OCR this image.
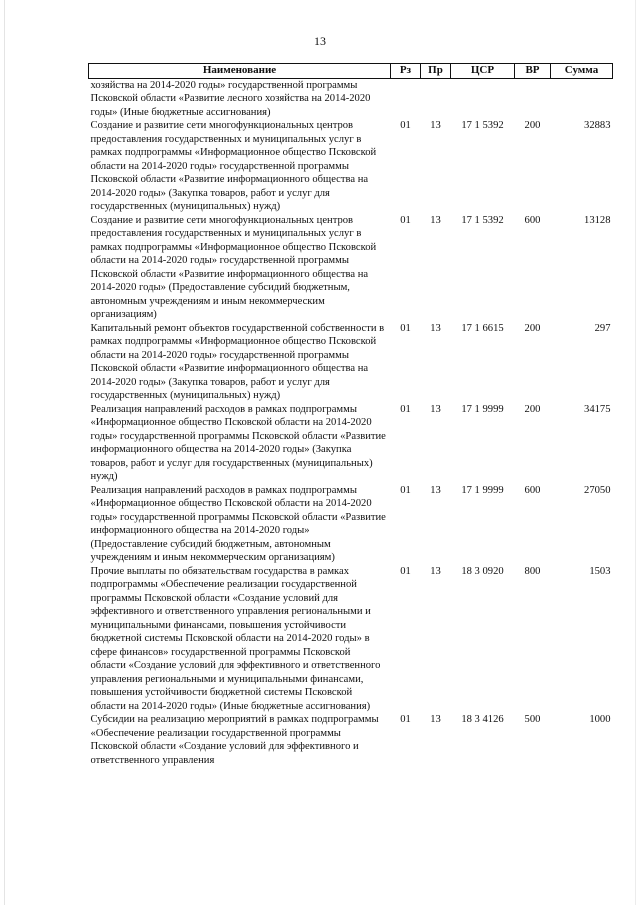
13
Наименование	Рз	Пр	ЦСР	ВР	Сумма
хозяйства на 2014-2020 годы» государственной программы Псковской области «Развитие лесного хозяйства на 2014-2020 годы» (Иные бюджетные ассигнования)					
Создание и развитие сети многофункциональных центров предоставления государственных и муниципальных услуг в рамках подпрограммы «Информационное общество Псковской области на 2014-2020 годы» государственной программы Псковской области «Развитие информационного общества на 2014-2020 годы» (Закупка товаров, работ и услуг для государственных (муниципальных) нужд)	01	13	17 1 5392	200	32883
Создание и развитие сети многофункциональных центров предоставления государственных и муниципальных услуг в рамках подпрограммы «Информационное общество Псковской области на 2014-2020 годы» государственной программы Псковской области «Развитие информационного общества на 2014-2020 годы» (Предоставление субсидий бюджетным, автономным учреждениям и иным некоммерческим организациям)	01	13	17 1 5392	600	13128
Капитальный ремонт объектов государственной собственности в рамках подпрограммы «Информационное общество Псковской области на 2014-2020 годы» государственной программы Псковской области «Развитие информационного общества на 2014-2020 годы» (Закупка товаров, работ и услуг для государственных (муниципальных) нужд)	01	13	17 1 6615	200	297
Реализация направлений расходов в рамках подпрограммы «Информационное общество Псковской области на 2014-2020 годы» государственной программы Псковской области «Развитие информационного общества на 2014-2020 годы» (Закупка товаров, работ и услуг для государственных (муниципальных) нужд)	01	13	17 1 9999	200	34175
Реализация направлений расходов в рамках подпрограммы «Информационное общество Псковской области на 2014-2020 годы» государственной программы Псковской области «Развитие информационного общества на 2014-2020 годы» (Предоставление субсидий бюджетным, автономным учреждениям и иным некоммерческим организациям)	01	13	17 1 9999	600	27050
Прочие выплаты по обязательствам государства в рамках подпрограммы «Обеспечение реализации государственной программы Псковской области «Создание условий для эффективного и ответственного управления региональными и муниципальными финансами, повышения устойчивости бюджетной системы Псковской области на 2014-2020 годы» в сфере финансов» государственной программы Псковской области «Создание условий для эффективного и ответственного управления региональными и муниципальными финансами, повышения устойчивости бюджетной системы Псковской области на 2014-2020 годы» (Иные бюджетные ассигнования)	01	13	18 3 0920	800	1503
Субсидии на реализацию мероприятий в рамках подпрограммы «Обеспечение реализации государственной программы Псковской области «Создание условий для эффективного и ответственного управления	01	13	18 3 4126	500	1000
